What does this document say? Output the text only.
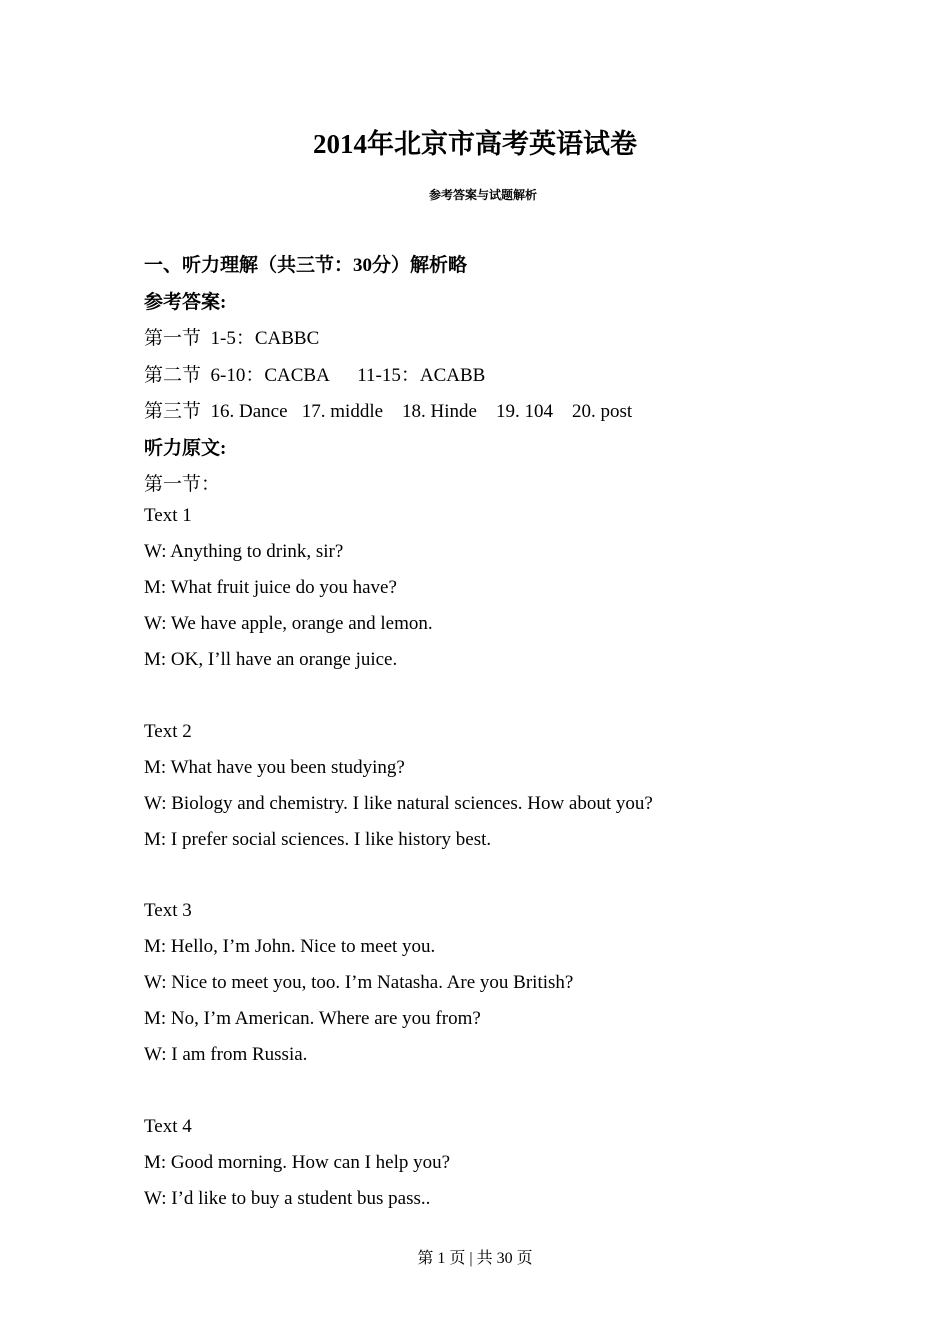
2014年北京市高考英语试卷
参考答案与试题解析
一、听力理解（共三节：30分）解析略
参考答案:
第一节  1-5：CABBC
第二节  6-10：CACBA      11-15：ACABB
第三节  16. Dance   17. middle    18. Hinde    19. 104    20. post
听力原文:
第一节：
Text 1
W: Anything to drink, sir?
M: What fruit juice do you have?
W: We have apple, orange and lemon.
M: OK, I’ll have an orange juice.
Text 2
M: What have you been studying?
W: Biology and chemistry. I like natural sciences. How about you?
M: I prefer social sciences. I like history best.
Text 3
M: Hello, I’m John. Nice to meet you.
W: Nice to meet you, too. I’m Natasha. Are you British?
M: No, I’m American. Where are you from?
W: I am from Russia.
Text 4
M: Good morning. How can I help you?
W: I’d like to buy a student bus pass..
第 1 页 | 共 30 页
